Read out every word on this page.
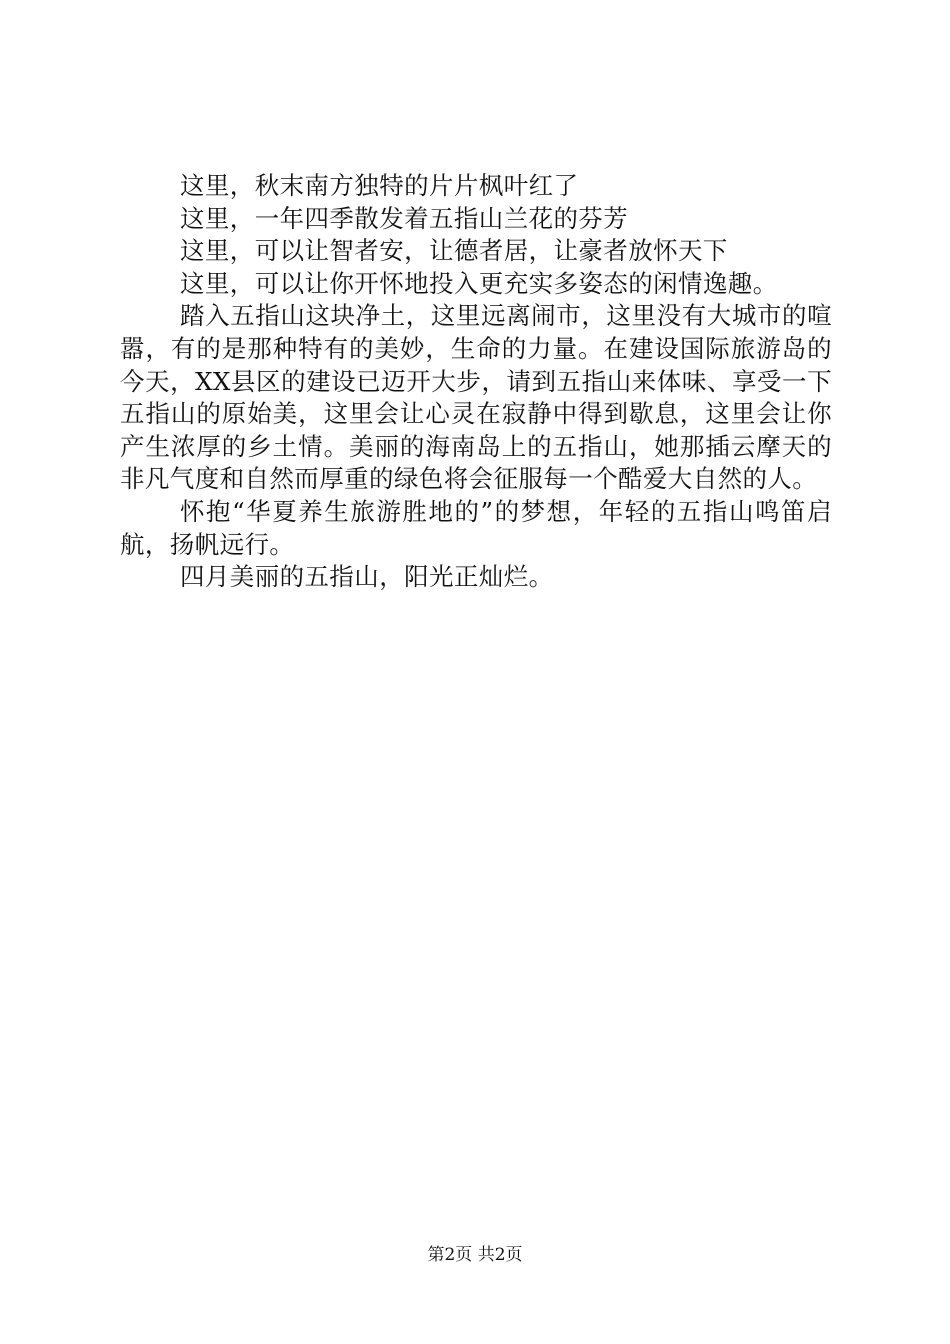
这里，秋末南方独特的片片枫叶红了

这里，一年四季散发着五指山兰花的芬芳

这里，可以让智者安，让德者居，让豪者放怀天下

这里，可以让你开怀地投入更充实多姿态的闲情逸趣。

踏入五指山这块净土，这里远离闹市，这里没有大城市的喧嚣，有的是那种特有的美妙，生命的力量。在建设国际旅游岛的今天，XX县区的建设已迈开大步，请到五指山来体味、享受一下五指山的原始美，这里会让心灵在寂静中得到歇息，这里会让你产生浓厚的乡土情。美丽的海南岛上的五指山，她那插云摩天的非凡气度和自然而厚重的绿色将会征服每一个酷爱大自然的人。

怀抱“华夏养生旅游胜地的”的梦想，年轻的五指山鸣笛启航，扬帆远行。

四月美丽的五指山，阳光正灿烂。

第2页 共2页
